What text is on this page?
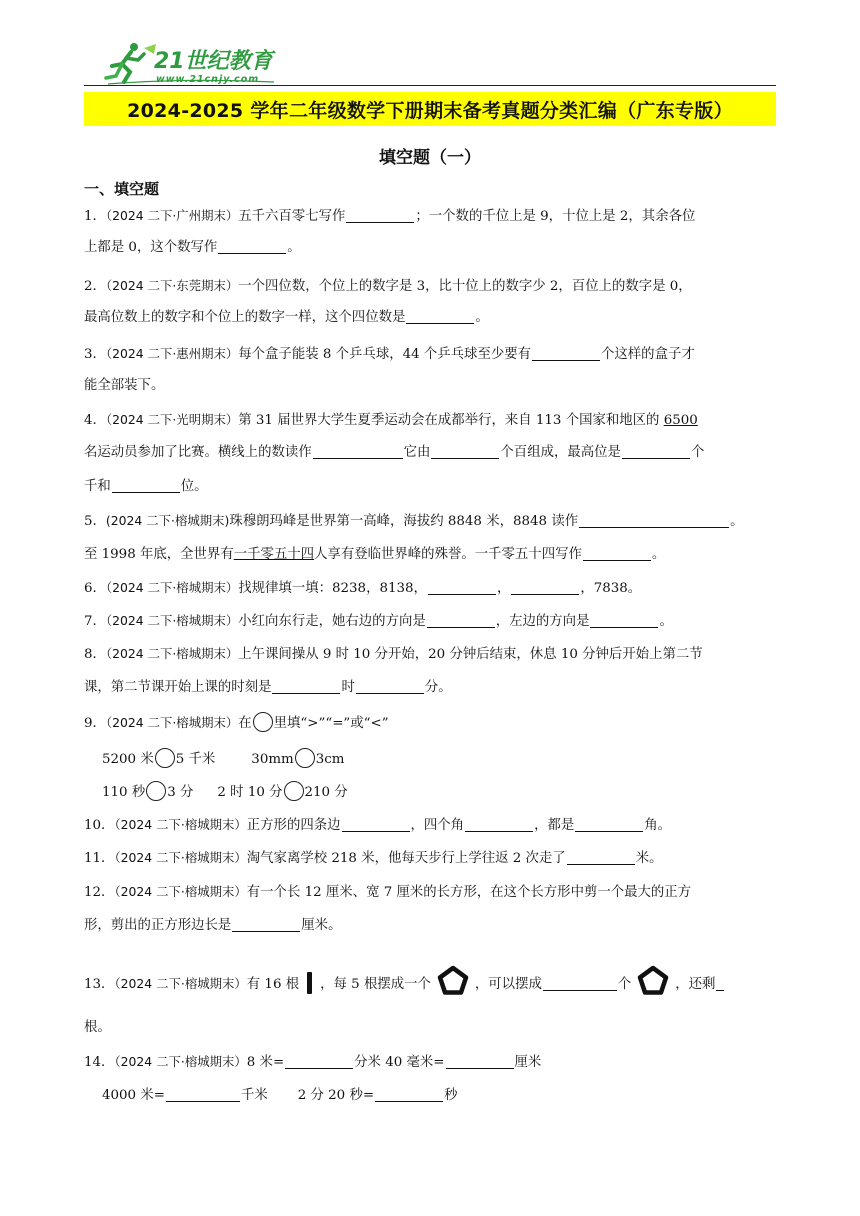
21世纪教育
www.21cnjy.com
2024-2025 学年二年级数学下册期末备考真题分类汇编（广东专版）
填空题（一）
一、填空题
1．（2024 二下·广州期末）五千六百零七写作	；一个数的千位上是 9，十位上是 2，其余各位
上都是 0，这个数写作	。
2．（2024 二下·东莞期末）一个四位数，个位上的数字是 3，比十位上的数字少 2，百位上的数字是 0，
最高位数上的数字和个位上的数字一样，这个四位数是	。
3．（2024 二下·惠州期末）每个盒子能装 8 个乒乓球，44 个乒乓球至少要有	个这样的盒子才
能全部装下。
4．（2024 二下·光明期末）第 31 届世界大学生夏季运动会在成都举行，来自 113 个国家和地区的 6500
名运动员参加了比赛。横线上的数读作	它由	个百组成，最高位是	个
千和	位。
5．(2024 二下·榕城期末)珠穆朗玛峰是世界第一高峰，海拔约 8848 米，8848 读作	。
至 1998 年底，全世界有一千零五十四人享有登临世界峰的殊誉。一千零五十四写作	。
6．（2024 二下·榕城期末）找规律填一填：8238，8138，	，	，7838。
7．（2024 二下·榕城期末）小红向东行走，她右边的方向是	，左边的方向是	。
8．（2024 二下·榕城期末）上午课间操从 9 时 10 分开始，20 分钟后结束，休息 10 分钟后开始上第二节
课，第二节课开始上课的时刻是	时	分。
9．（2024 二下·榕城期末）在 里填“>”“=”或“<”
5200 米 5 千米	30mm 3cm
110 秒 3 分 2 时 10 分 210 分
10．（2024 二下·榕城期末）正方形的四条边	，四个角	，都是	角。
11．（2024 二下·榕城期末）淘气家离学校 218 米，他每天步行上学往返 2 次走了	米。
12．（2024 二下·榕城期末）有一个长 12 厘米、宽 7 厘米的长方形，在这个长方形中剪一个最大的正方
形，剪出的正方形边长是	厘米。
13．（2024 二下·榕城期末）有 16 根 ，每 5 根摆成一个	，可以摆成	个	，还剩
根。
14．（2024 二下·榕城期末）8 米=	分米 40 毫米=	厘米
4000 米=	千米 2 分 20 秒=	秒
